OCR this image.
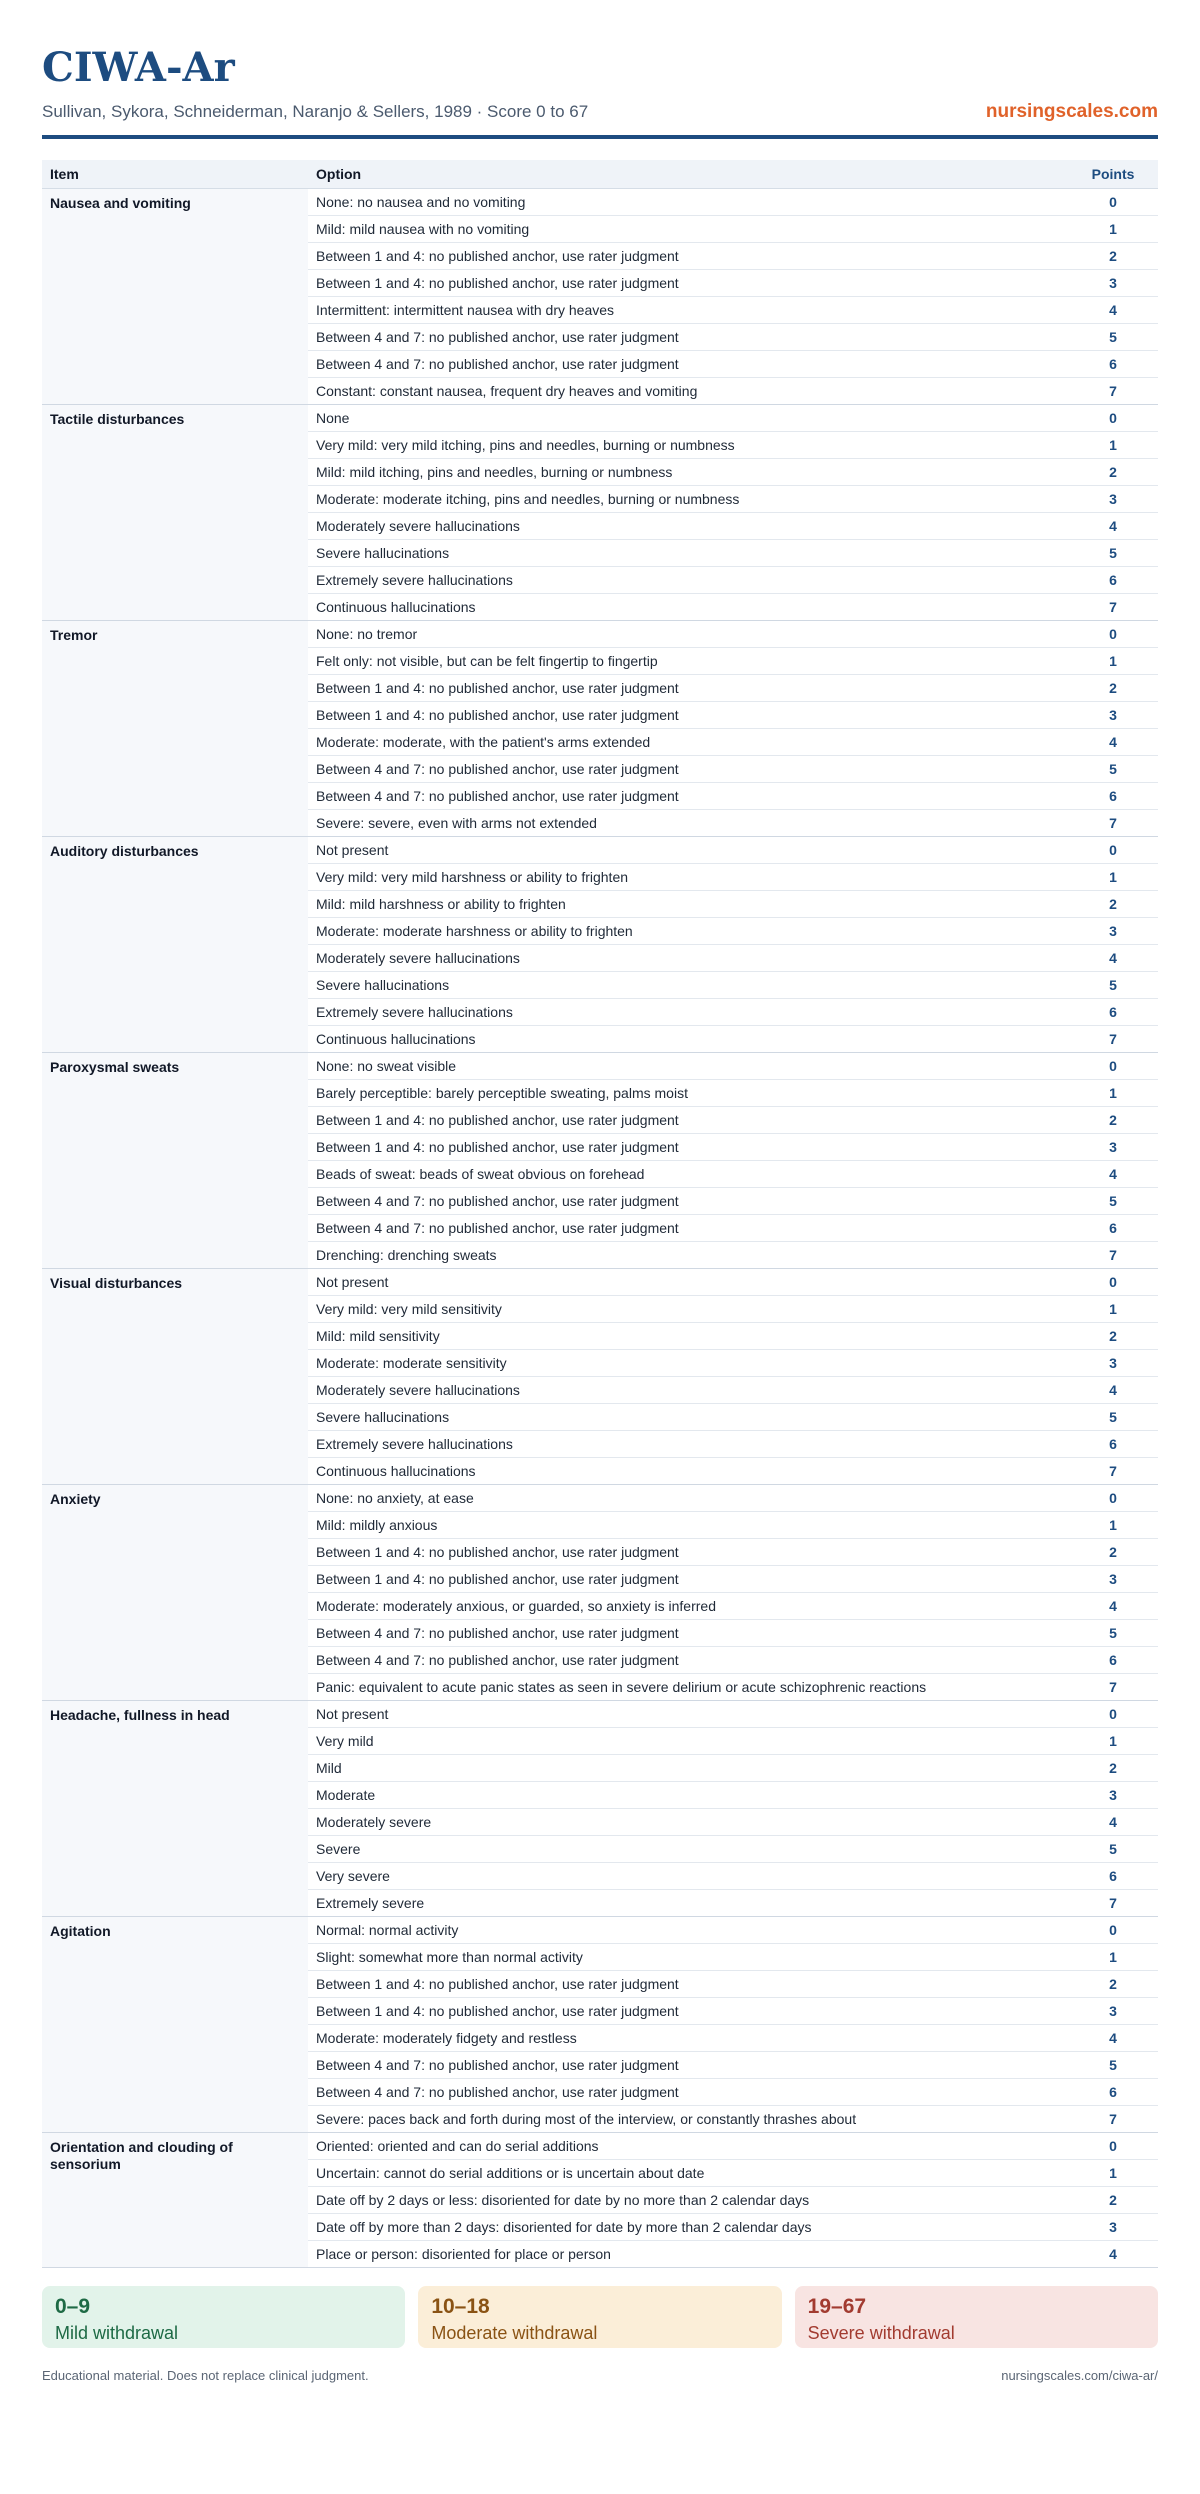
CIWA-Ar
Sullivan, Sykora, Schneiderman, Naranjo & Sellers, 1989 · Score 0 to 67	nursingscales.com
Item	Option	Points
Nausea and vomiting	None: no nausea and no vomiting	0
	Mild: mild nausea with no vomiting	1
	Between 1 and 4: no published anchor, use rater judgment	2
	Between 1 and 4: no published anchor, use rater judgment	3
	Intermittent: intermittent nausea with dry heaves	4
	Between 4 and 7: no published anchor, use rater judgment	5
	Between 4 and 7: no published anchor, use rater judgment	6
	Constant: constant nausea, frequent dry heaves and vomiting	7
Tactile disturbances	None	0
	Very mild: very mild itching, pins and needles, burning or numbness	1
	Mild: mild itching, pins and needles, burning or numbness	2
	Moderate: moderate itching, pins and needles, burning or numbness	3
	Moderately severe hallucinations	4
	Severe hallucinations	5
	Extremely severe hallucinations	6
	Continuous hallucinations	7
Tremor	None: no tremor	0
	Felt only: not visible, but can be felt fingertip to fingertip	1
	Between 1 and 4: no published anchor, use rater judgment	2
	Between 1 and 4: no published anchor, use rater judgment	3
	Moderate: moderate, with the patient's arms extended	4
	Between 4 and 7: no published anchor, use rater judgment	5
	Between 4 and 7: no published anchor, use rater judgment	6
	Severe: severe, even with arms not extended	7
Auditory disturbances	Not present	0
	Very mild: very mild harshness or ability to frighten	1
	Mild: mild harshness or ability to frighten	2
	Moderate: moderate harshness or ability to frighten	3
	Moderately severe hallucinations	4
	Severe hallucinations	5
	Extremely severe hallucinations	6
	Continuous hallucinations	7
Paroxysmal sweats	None: no sweat visible	0
	Barely perceptible: barely perceptible sweating, palms moist	1
	Between 1 and 4: no published anchor, use rater judgment	2
	Between 1 and 4: no published anchor, use rater judgment	3
	Beads of sweat: beads of sweat obvious on forehead	4
	Between 4 and 7: no published anchor, use rater judgment	5
	Between 4 and 7: no published anchor, use rater judgment	6
	Drenching: drenching sweats	7
Visual disturbances	Not present	0
	Very mild: very mild sensitivity	1
	Mild: mild sensitivity	2
	Moderate: moderate sensitivity	3
	Moderately severe hallucinations	4
	Severe hallucinations	5
	Extremely severe hallucinations	6
	Continuous hallucinations	7
Anxiety	None: no anxiety, at ease	0
	Mild: mildly anxious	1
	Between 1 and 4: no published anchor, use rater judgment	2
	Between 1 and 4: no published anchor, use rater judgment	3
	Moderate: moderately anxious, or guarded, so anxiety is inferred	4
	Between 4 and 7: no published anchor, use rater judgment	5
	Between 4 and 7: no published anchor, use rater judgment	6
	Panic: equivalent to acute panic states as seen in severe delirium or acute schizophrenic reactions	7
Headache, fullness in head	Not present	0
	Very mild	1
	Mild	2
	Moderate	3
	Moderately severe	4
	Severe	5
	Very severe	6
	Extremely severe	7
Agitation	Normal: normal activity	0
	Slight: somewhat more than normal activity	1
	Between 1 and 4: no published anchor, use rater judgment	2
	Between 1 and 4: no published anchor, use rater judgment	3
	Moderate: moderately fidgety and restless	4
	Between 4 and 7: no published anchor, use rater judgment	5
	Between 4 and 7: no published anchor, use rater judgment	6
	Severe: paces back and forth during most of the interview, or constantly thrashes about	7
Orientation and clouding of sensorium	Oriented: oriented and can do serial additions	0
	Uncertain: cannot do serial additions or is uncertain about date	1
	Date off by 2 days or less: disoriented for date by no more than 2 calendar days	2
	Date off by more than 2 days: disoriented for date by more than 2 calendar days	3
	Place or person: disoriented for place or person	4
0–9
Mild withdrawal
10–18
Moderate withdrawal
19–67
Severe withdrawal
Educational material. Does not replace clinical judgment.	nursingscales.com/ciwa-ar/
